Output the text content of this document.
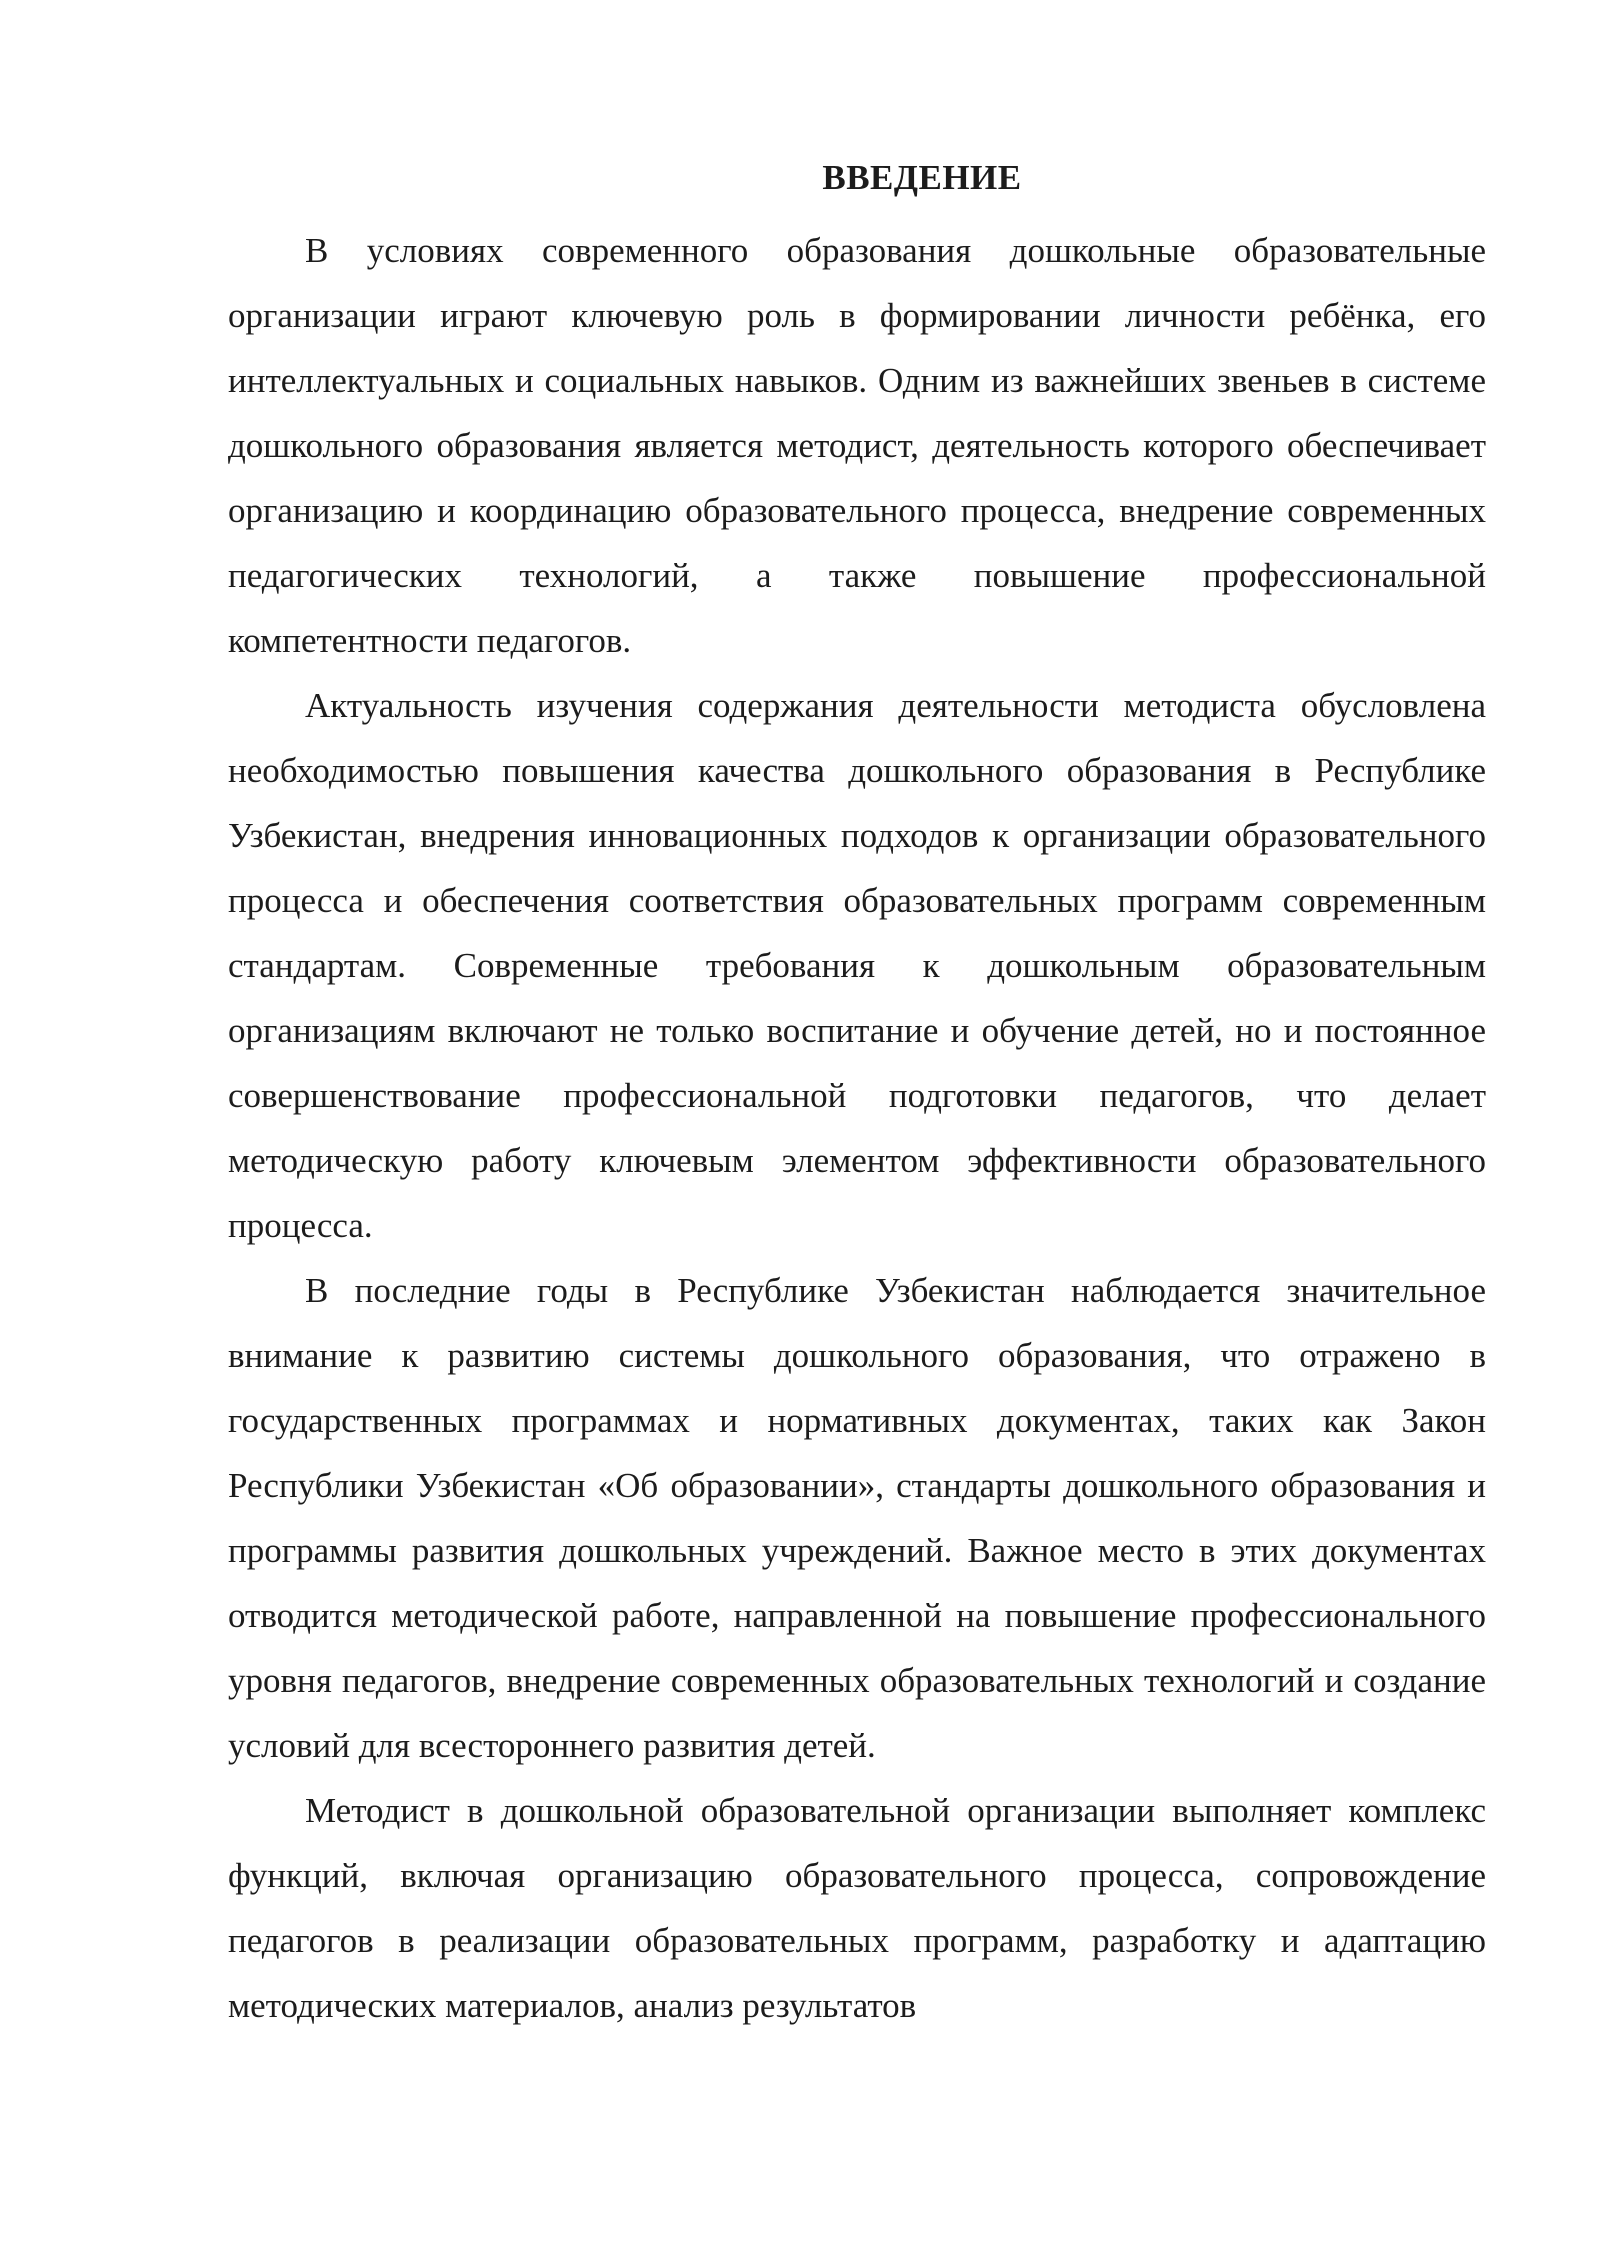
ВВЕДЕНИЕ

В условиях современного образования дошкольные образовательные организации играют ключевую роль в формировании личности ребёнка, его интеллектуальных и социальных навыков. Одним из важнейших звеньев в системе дошкольного образования является методист, деятельность которого обеспечивает организацию и координацию образовательного процесса, внедрение современных педагогических технологий, а также повышение профессиональной компетентности педагогов.

Актуальность изучения содержания деятельности методиста обусловлена необходимостью повышения качества дошкольного образования в Республике Узбекистан, внедрения инновационных подходов к организации образовательного процесса и обеспечения соответствия образовательных программ современным стандартам. Современные требования к дошкольным образовательным организациям включают не только воспитание и обучение детей, но и постоянное совершенствование профессиональной подготовки педагогов, что делает методическую работу ключевым элементом эффективности образовательного процесса.

В последние годы в Республике Узбекистан наблюдается значительное внимание к развитию системы дошкольного образования, что отражено в государственных программах и нормативных документах, таких как Закон Республики Узбекистан «Об образовании», стандарты дошкольного образования и программы развития дошкольных учреждений. Важное место в этих документах отводится методической работе, направленной на повышение профессионального уровня педагогов, внедрение современных образовательных технологий и создание условий для всестороннего развития детей.

Методист в дошкольной образовательной организации выполняет комплекс функций, включая организацию образовательного процесса, сопровождение педагогов в реализации образовательных программ, разработку и адаптацию методических материалов, анализ результатов
